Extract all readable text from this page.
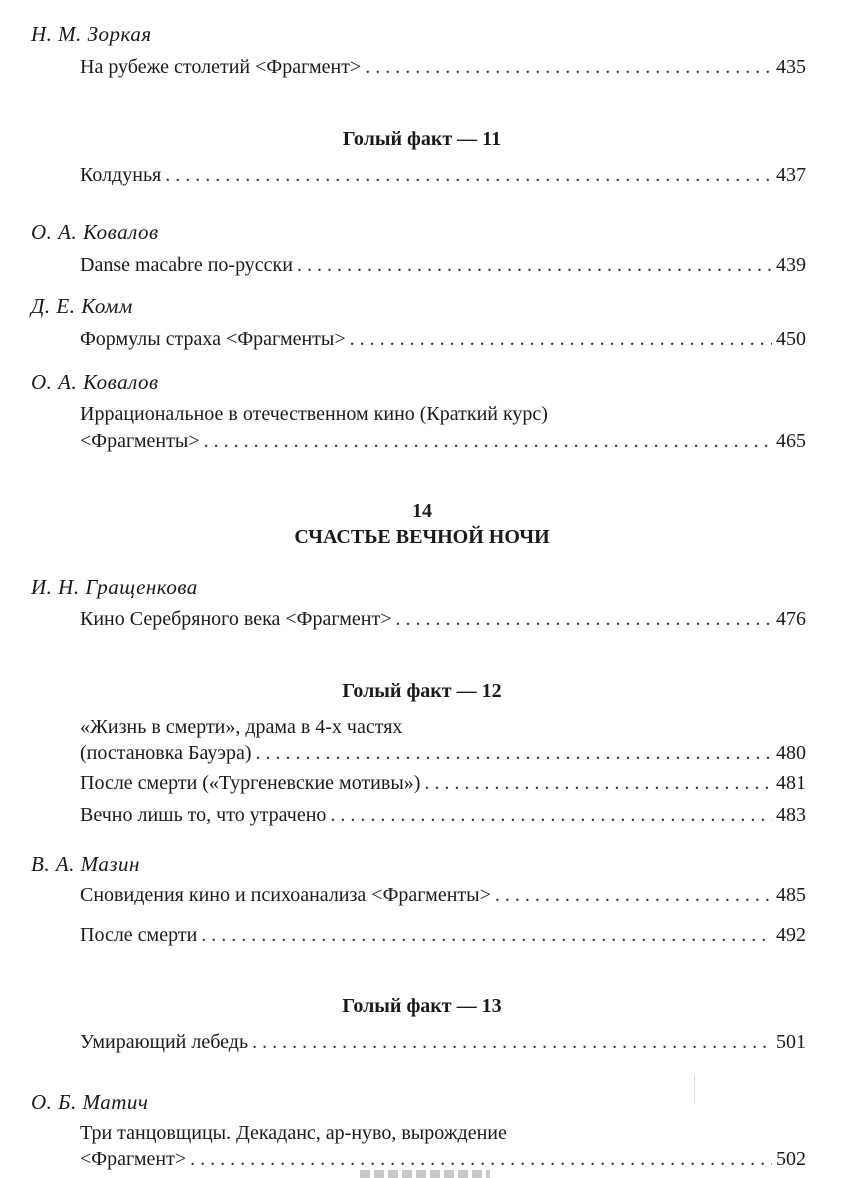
Н. М. Зоркая
На рубеже столетий <Фрагмент> . . .	435
Голый факт — 11
Колдунья . . .	437
О. А. Ковалов
Danse macabre по-русски . . .	439
Д. Е. Комм
Формулы страха <Фрагменты> . . .	450
О. А. Ковалов
Иррациональное в отечественном кино (Краткий курс)
<Фрагменты> . . .	465
14
СЧАСТЬЕ ВЕЧНОЙ НОЧИ
И. Н. Гращенкова
Кино Серебряного века <Фрагмент> . . .	476
Голый факт — 12
«Жизнь в смерти», драма в 4-х частях
(постановка Бауэра) . . .	480
После смерти («Тургеневские мотивы») . . .	481
Вечно лишь то, что утрачено . . .	483
В. А. Мазин
Сновидения кино и психоанализа <Фрагменты> . . .	485
После смерти . . .	492
Голый факт — 13
Умирающий лебедь . . .	501
О. Б. Матич
Три танцовщицы. Декаданс, ар-нуво, вырождение
<Фрагмент> . . .	502
